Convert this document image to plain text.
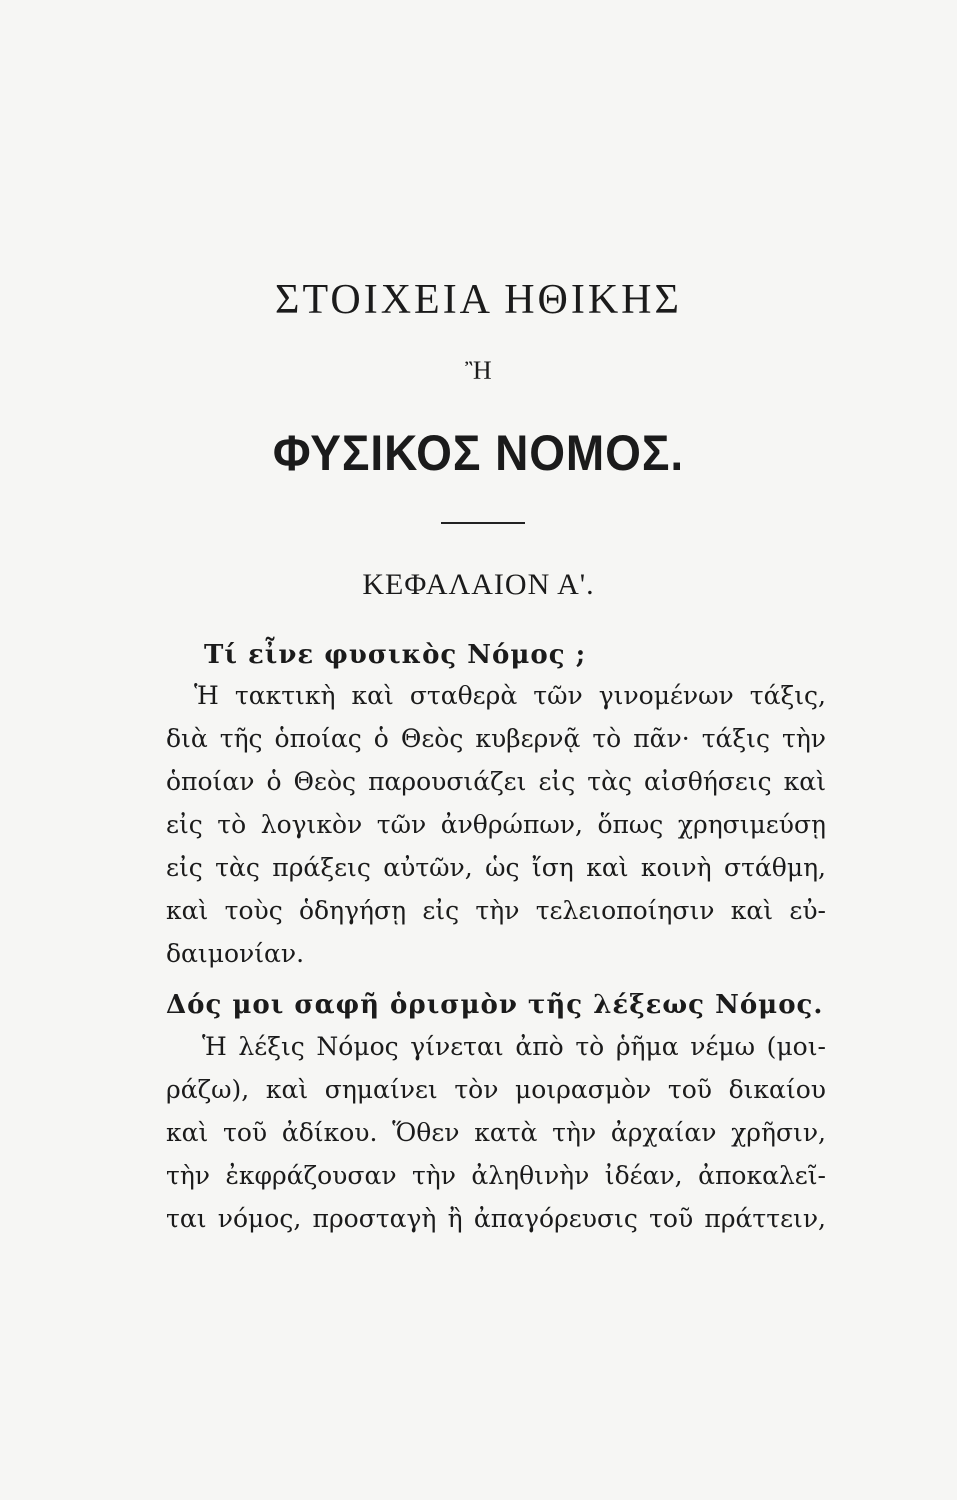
ΣΤΟΙΧΕΙΑ ΗΘΙΚΗΣ
Ἢ
ΦΥΣΙΚΟΣ ΝΟΜΟΣ.
ΚΕΦΑΛΑΙΟΝ Α'.
Τί εἶνε φυσικὸς Νόμος ;
Ἡ τακτικὴ καὶ σταθερὰ τῶν γινομένων τάξις,
διὰ τῆς ὁποίας ὁ Θεὸς κυβερνᾷ τὸ πᾶν· τάξις τὴν
ὁποίαν ὁ Θεὸς παρουσιάζει εἰς τὰς αἰσθήσεις καὶ
εἰς τὸ λογικὸν τῶν ἀνθρώπων, ὅπως χρησιμεύσῃ
εἰς τὰς πράξεις αὐτῶν, ὡς ἴση καὶ κοινὴ στάθμη,
καὶ τοὺς ὁδηγήσῃ εἰς τὴν τελειοποίησιν καὶ εὐ-
δαιμονίαν.
Δός μοι σαφῆ ὁρισμὸν τῆς λέξεως Νόμος.
Ἡ λέξις Νόμος γίνεται ἀπὸ τὸ ῥῆμα νέμω (μοι-
ράζω), καὶ σημαίνει τὸν μοιρασμὸν τοῦ δικαίου
καὶ τοῦ ἀδίκου. Ὅθεν κατὰ τὴν ἀρχαίαν χρῆσιν,
τὴν ἐκφράζουσαν τὴν ἀληθινὴν ἰδέαν, ἀποκαλεῖ-
ται νόμος, προσταγὴ ἢ ἀπαγόρευσις τοῦ πράττειν,
